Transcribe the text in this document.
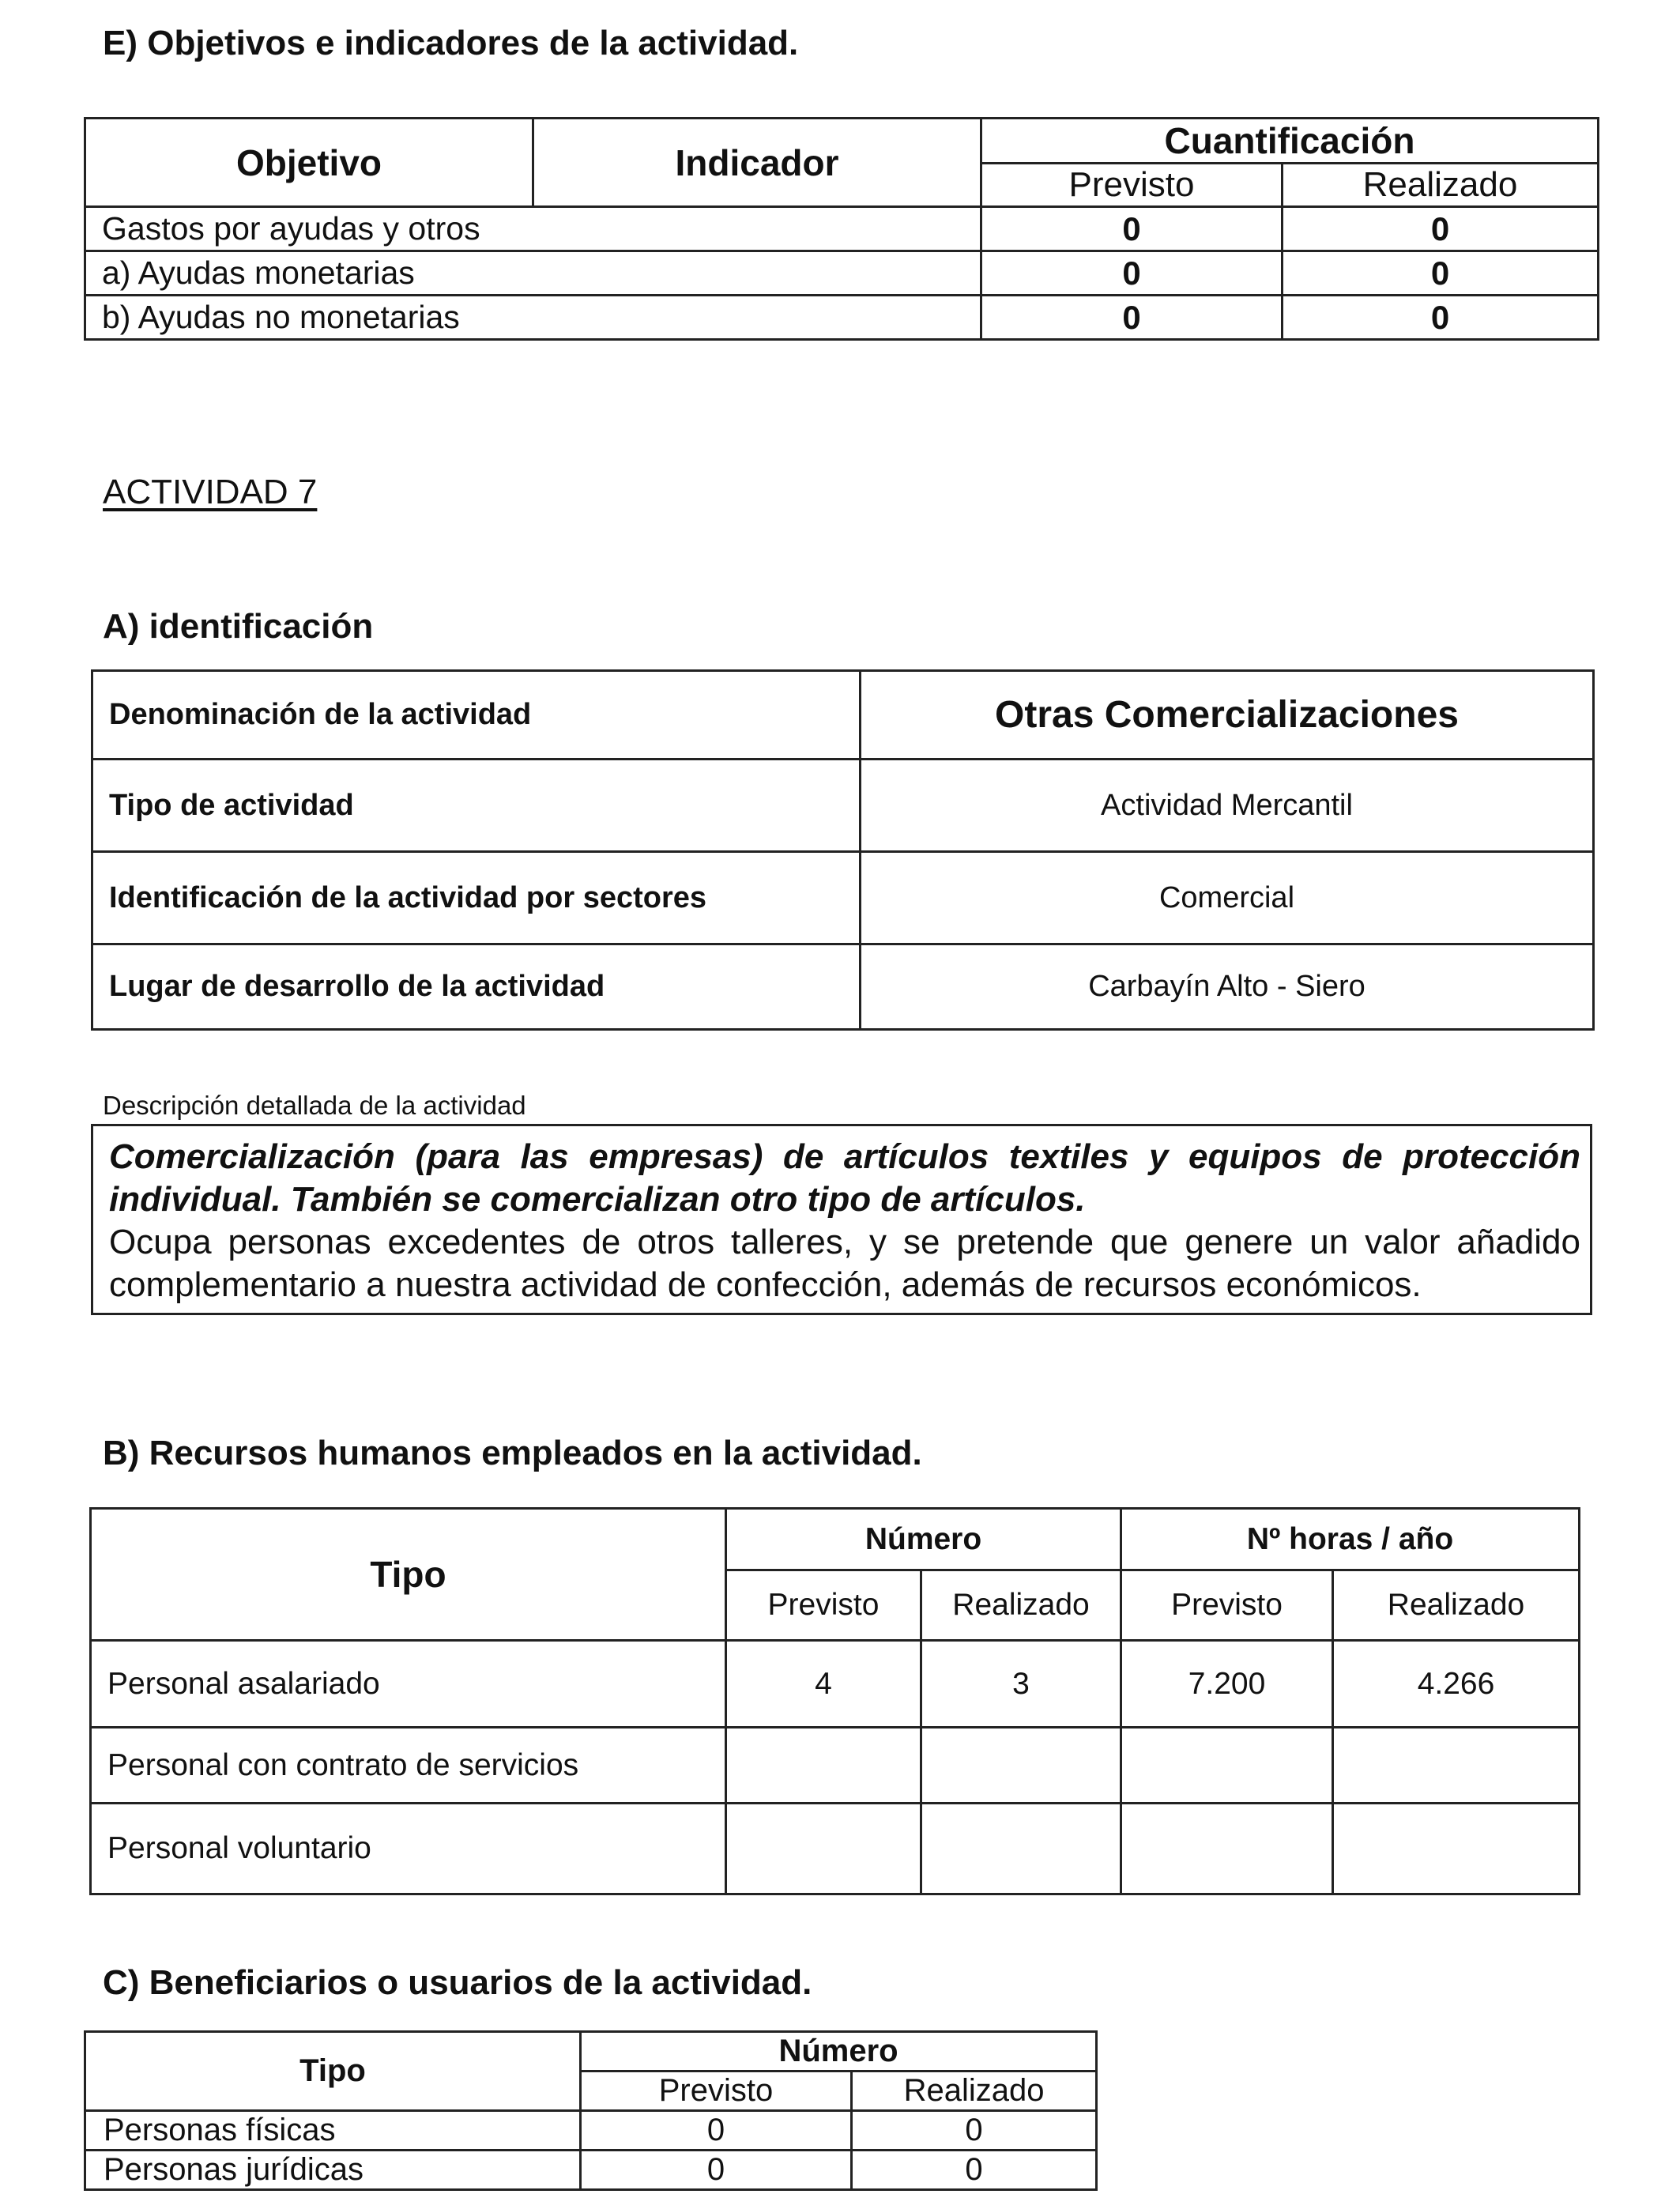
E) Objetivos e indicadores de la actividad.
Objetivo	Indicador	Cuantificación	
		Previsto	Realizado
Gastos por ayudas y otros		0	0
a) Ayudas monetarias		0	0
b) Ayudas no monetarias		0	0
ACTIVIDAD 7
A) identificación
Denominación de la actividad	Otras Comercializaciones
Tipo de actividad	Actividad Mercantil
Identificación de la actividad por sectores	Comercial
Lugar de desarrollo de la actividad	Carbayín Alto - Siero
Descripción detallada de la actividad
Comercialización (para las empresas) de artículos textiles y equipos de protección individual. También se comercializan otro tipo de artículos.
Ocupa personas excedentes de otros talleres, y se pretende que genere un valor añadido complementario a nuestra actividad de confección, además de recursos económicos.
B) Recursos humanos empleados en la actividad.
Tipo	Número		Nº horas / año	
	Previsto	Realizado	Previsto	Realizado
Personal asalariado	4	3	7.200	4.266
Personal con contrato de servicios				
Personal voluntario				
C) Beneficiarios o usuarios de la actividad.
Tipo	Número	
	Previsto	Realizado
Personas físicas	0	0
Personas jurídicas	0	0
